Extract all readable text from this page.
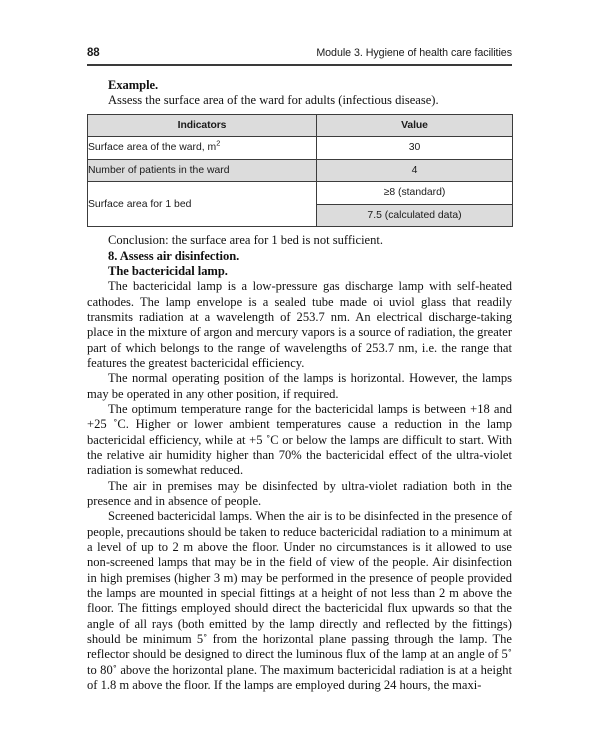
88	Module 3. Hygiene of health care facilities

Example.

Assess the surface area of the ward for adults (infectious disease).

Indicators	Value
Surface area of the ward, $m^2$	30
Number of patients in the ward	4
Surface area for 1 bed	≥8 (standard)
	7.5 (calculated data)

Conclusion: the surface area for 1 bed is not sufficient.

8. Assess air disinfection.

The bactericidal lamp.

The bactericidal lamp is a low-pressure gas discharge lamp with self-heated cathodes. The lamp envelope is a sealed tube made oi uviol glass that readily transmits radiation at a wavelength of 253.7 nm. An electrical discharge-taking place in the mixture of argon and mercury vapors is a source of radiation, the greater part of which belongs to the range of wavelengths of 253.7 nm, i.e. the range that features the greatest bactericidal efficiency.

The normal operating position of the lamps is horizontal. However, the lamps may be operated in any other position, if required.

The optimum temperature range for the bactericidal lamps is between +18 and +25 ˚C. Higher or lower ambient temperatures cause a reduction in the lamp bactericidal efficiency, while at +5 ˚C or below the lamps are difficult to start. With the relative air humidity higher than 70% the bactericidal effect of the ultra-violet radiation is somewhat reduced.

The air in premises may be disinfected by ultra-violet radiation both in the presence and in absence of people.

Screened bactericidal lamps. When the air is to be disinfected in the presence of people, precautions should be taken to reduce bactericidal radiation to a minimum at a level of up to 2 m above the floor. Under no circumstances is it allowed to use non-screened lamps that may be in the field of view of the people. Air disinfection in high premises (higher 3 m) may be performed in the presence of people provided the lamps are mounted in special fittings at a height of not less than 2 m above the floor. The fittings employed should direct the bactericidal flux upwards so that the angle of all rays (both emitted by the lamp directly and reflected by the fittings) should be minimum 5˚ from the horizontal plane passing through the lamp. The reflector should be designed to direct the luminous flux of the lamp at an angle of 5˚ to 80˚ above the horizontal plane. The maximum bactericidal radiation is at a height of 1.8 m above the floor. If the lamps are employed during 24 hours, the maxi-
